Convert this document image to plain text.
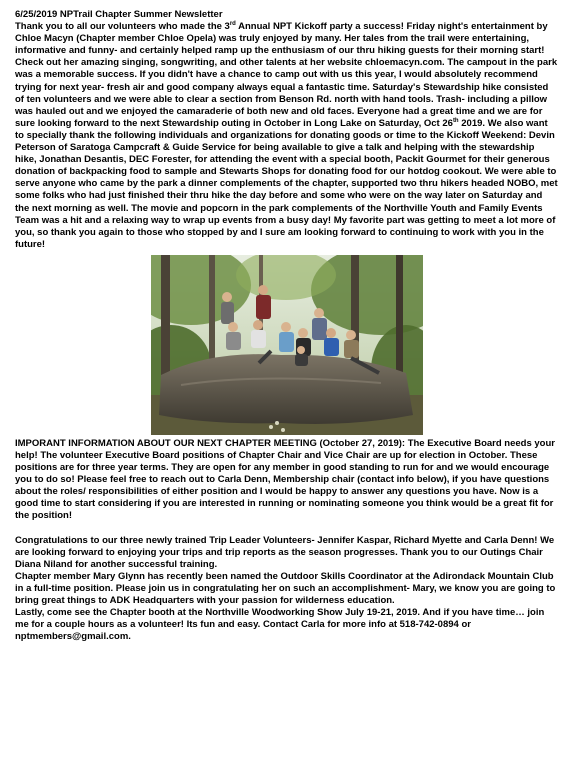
6/25/2019 NPTrail Chapter Summer Newsletter

Thank you to all our volunteers who made the 3rd Annual NPT Kickoff party a success! Friday night's entertainment by Chloe Macyn (Chapter member Chloe Opela) was truly enjoyed by many. Her tales from the trail were entertaining, informative and funny- and certainly helped ramp up the enthusiasm of our thru hiking guests for their morning start! Check out her amazing singing, songwriting, and other talents at her website chloemacyn.com. The campout in the park was a memorable success. If you didn't have a chance to camp out with us this year, I would absolutely recommend trying for next year- fresh air and good company always equal a fantastic time. Saturday's Stewardship hike consisted of ten volunteers and we were able to clear a section from Benson Rd. north with hand tools. Trash- including a pillow was hauled out and we enjoyed the camaraderie of both new and old faces. Everyone had a great time and we are for sure looking forward to the next Stewardship outing in October in Long Lake on Saturday, Oct 26th 2019. We also want to specially thank the following individuals and organizations for donating goods or time to the Kickoff Weekend: Devin Peterson of Saratoga Campcraft & Guide Service for being available to give a talk and helping with the stewardship hike, Jonathan Desantis, DEC Forester, for attending the event with a special booth, Packit Gourmet for their generous donation of backpacking food to sample and Stewarts Shops for donating food for our hotdog cookout. We were able to serve anyone who came by the park a dinner complements of the chapter, supported two thru hikers headed NOBO, met some folks who had just finished their thru hike the day before and some who were on the way later on Saturday and the next morning as well. The movie and popcorn in the park complements of the Northville Youth and Family Events Team was a hit and a relaxing way to wrap up events from a busy day! My favorite part was getting to meet a lot more of you, so thank you again to those who stopped by and I sure am looking forward to continuing to work with you in the future!

IMPORANT INFORMATION ABOUT OUR NEXT CHAPTER MEETING (October 27, 2019): The Executive Board needs your help! The volunteer Executive Board positions of Chapter Chair and Vice Chair are up for election in October. These positions are for three year terms. They are open for any member in good standing to run for and we would encourage you to do so! Please feel free to reach out to Carla Denn, Membership chair (contact info below), if you have questions about the roles/ responsibilities of either position and I would be happy to answer any questions you have. Now is a good time to start considering if you are interested in running or nominating someone you think would be a great fit for the position!

Congratulations to our three newly trained Trip Leader Volunteers- Jennifer Kaspar, Richard Myette and Carla Denn! We are looking forward to enjoying your trips and trip reports as the season progresses. Thank you to our Outings Chair Diana Niland for another successful training.

Chapter member Mary Glynn has recently been named the Outdoor Skills Coordinator at the Adirondack Mountain Club in a full-time position. Please join us in congratulating her on such an accomplishment- Mary, we know you are going to bring great things to ADK Headquarters with your passion for wilderness education.

Lastly, come see the Chapter booth at the Northville Woodworking Show July 19-21, 2019. And if you have time… join me for a couple hours as a volunteer! Its fun and easy. Contact Carla for more info at 518-742-0894 or nptmembers@gmail.com.
